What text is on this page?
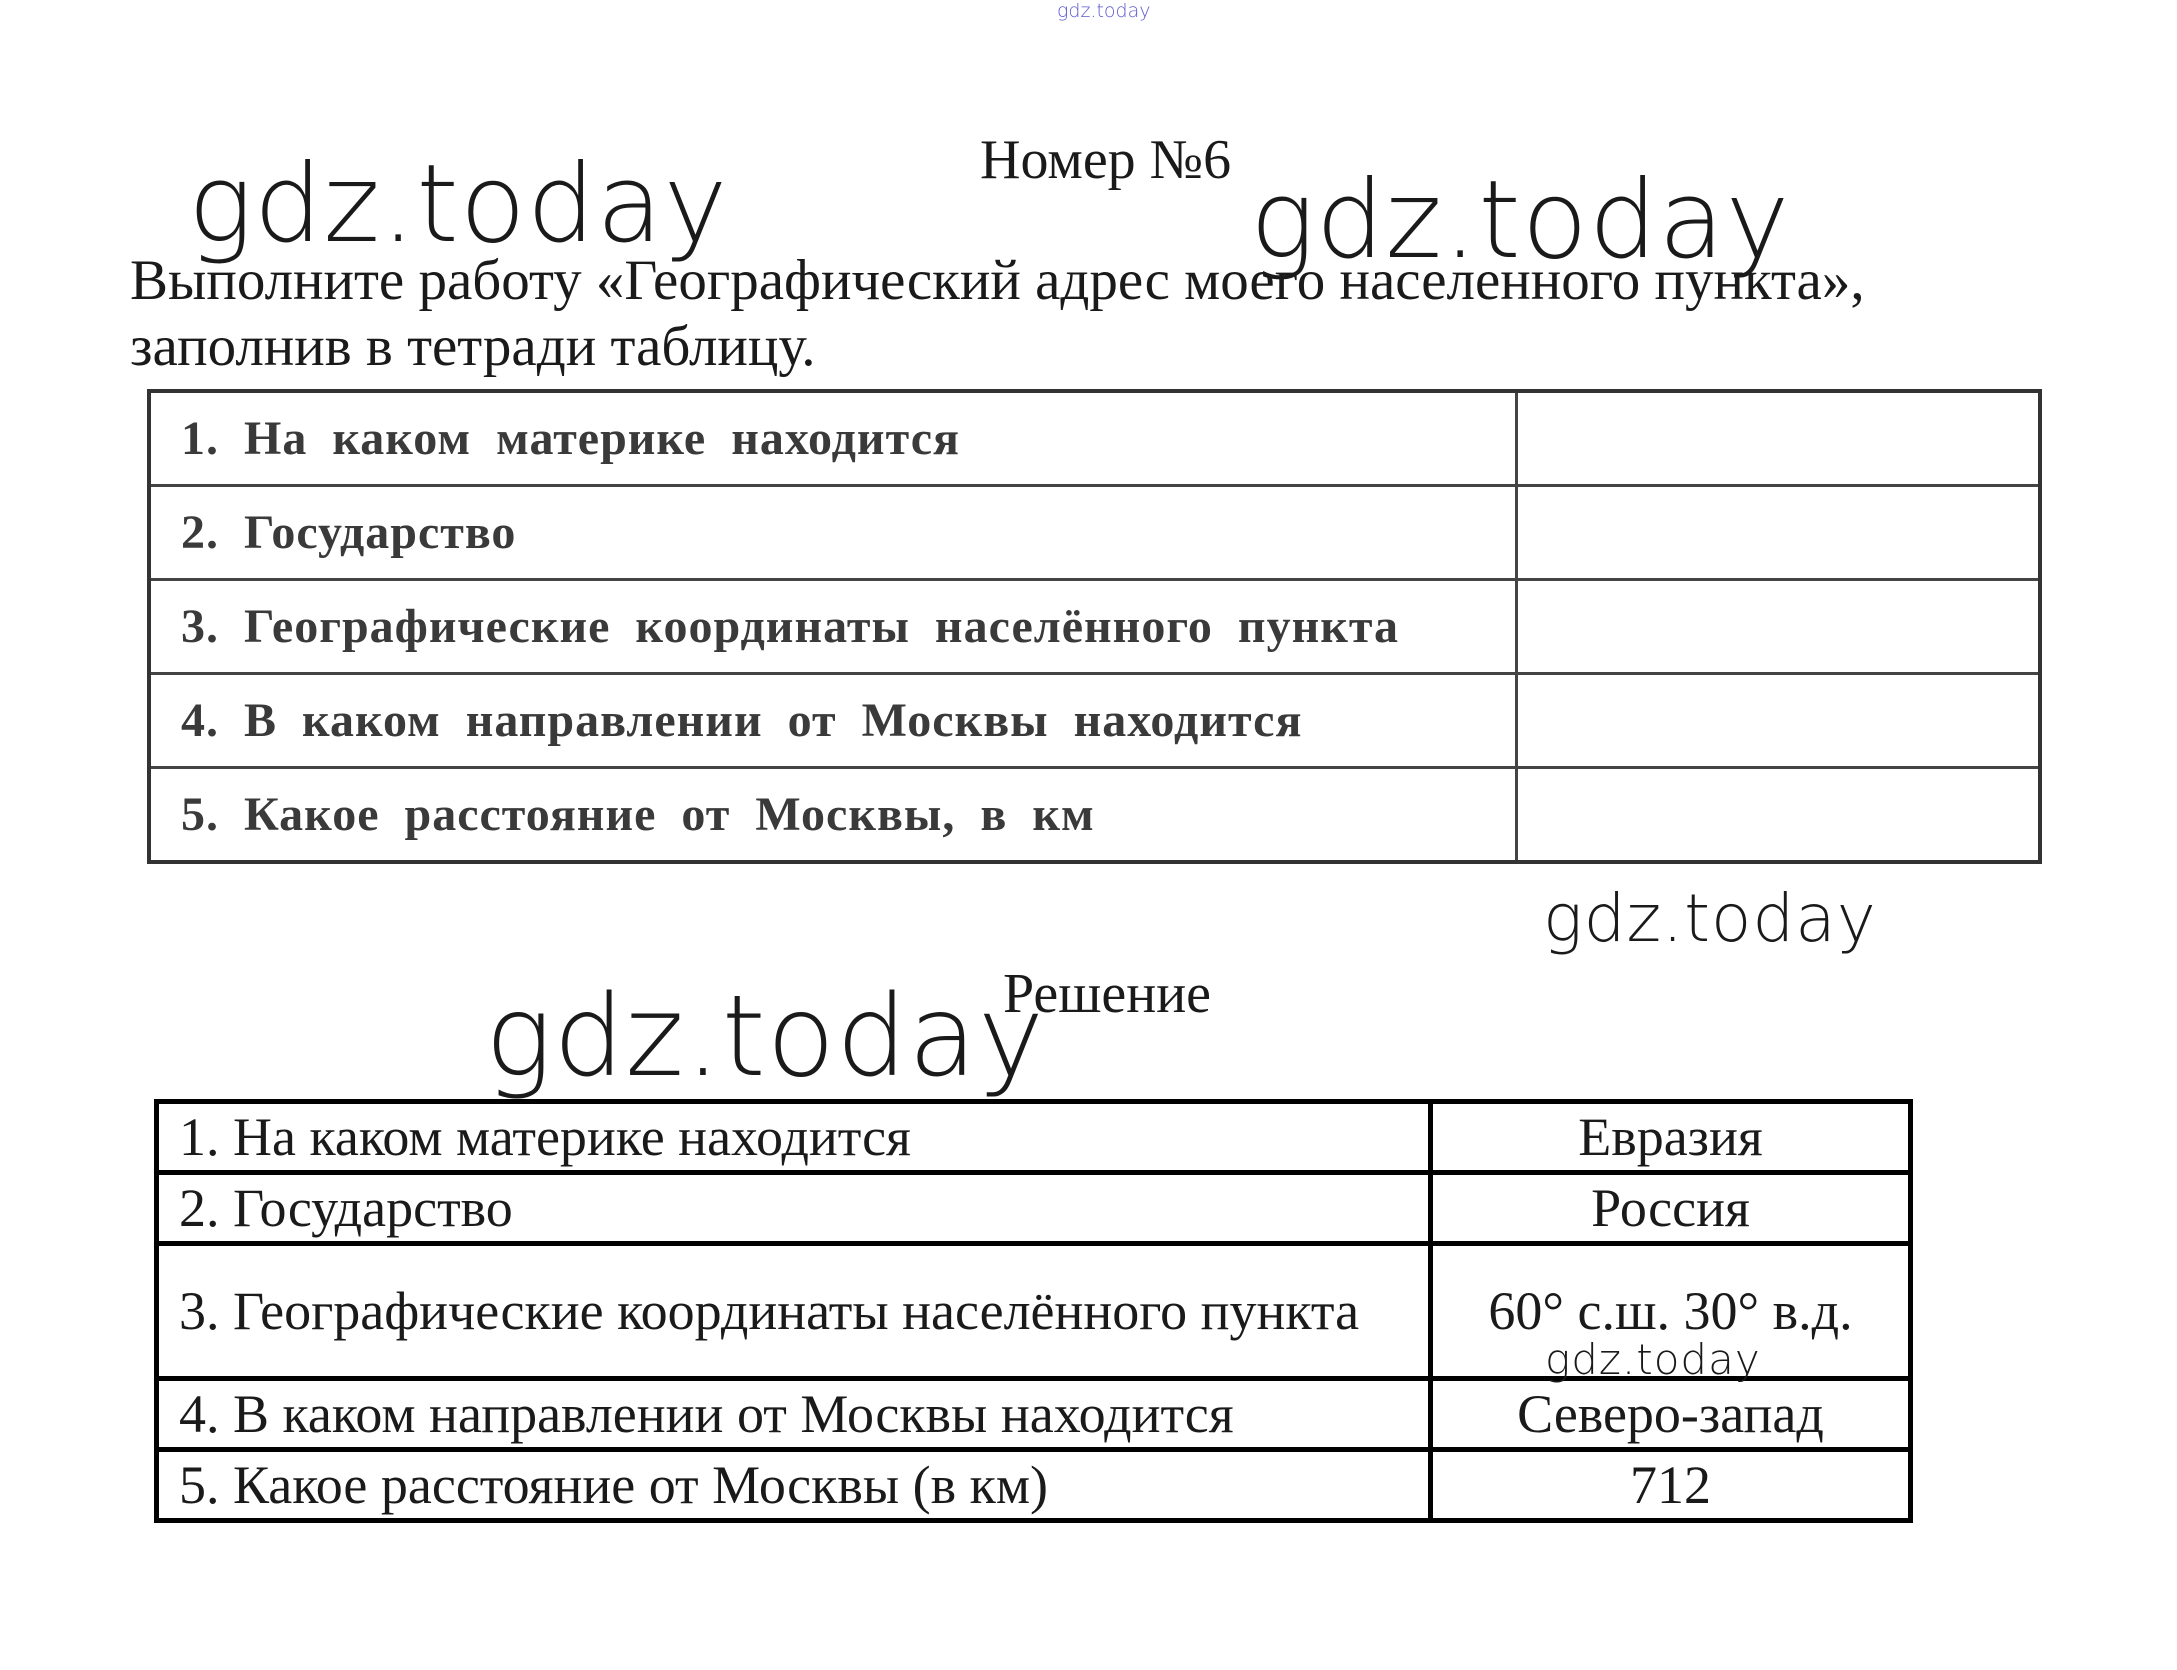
gdz.today
Номер №6
gdz.today	gdz.today
Выполните работу «Географический адрес моего населенного пункта», заполнив в тетради таблицу.
1. На каком материке находится	
2. Государство	
3. Географические координаты населённого пункта	
4. В каком направлении от Москвы находится	
5. Какое расстояние от Москвы, в км	
gdz.today
Решение
gdz.today
1. На каком материке находится	Евразия
2. Государство	Россия
3. Географические координаты населённого пункта	60° с.ш. 30° в.д.
4. В каком направлении от Москвы находится	Северо-запад
5. Какое расстояние от Москвы (в км)	712
gdz.today
